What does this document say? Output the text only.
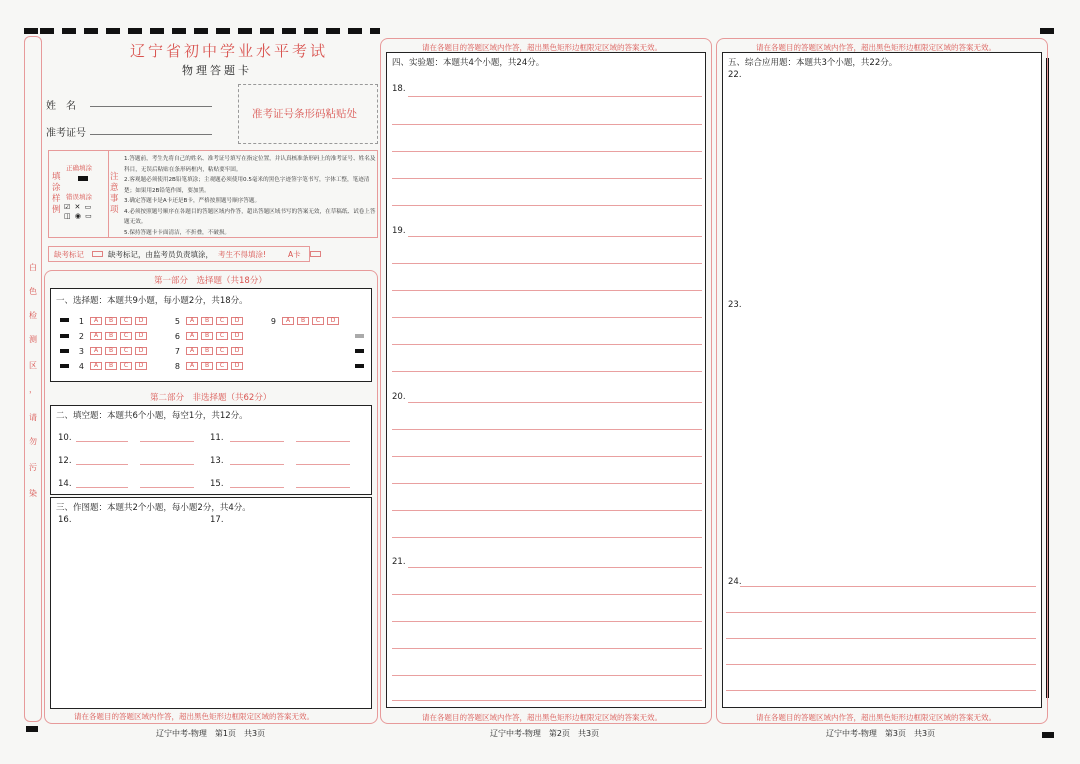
白
色
检
测
区
，
请
勿
污
染
辽宁省初中学业水平考试
物理答题卡
姓　名
准考证号
准考证号条形码粘贴处
填涂样例
正确填涂
错误填涂
☑ ✕ ▭
◫ ◉ ▭
注意事项
1.答题前，考生先将自己的姓名、准考证号填写在指定位置，并认真核准条形码上的准考证号、姓名及科目，无误后粘贴在条形码框内，粘贴要牢固。
2.客观题必须使用2B铅笔填涂；主观题必须使用0.5毫米的黑色字迹签字笔书写，字体工整，笔迹清楚；如果用2B铅笔作图，要加黑。
3.确定答题卡是A卡还是B卡，严格按照题号顺序答题。
4.必须按照题号顺序在各题目的答题区域内作答，超出答题区域书写的答案无效，在草稿纸、试卷上答题无效。
5.保持答题卡卡面清洁，不折叠，不破损。
缺考标记	缺考标记，由监考员负责填涂， 考生不得填涂!	A卡
第一部分　选择题（共18分）
一、选择题：本题共9小题，每小题2分，共18分。
1	A	B	C	D
2	A	B	C	D
3	A	B	C	D
4	A	B	C	D
5	A	B	C	D
6	A	B	C	D
7	A	B	C	D
8	A	B	C	D
9	A	B	C	D
第二部分　非选择题（共62分）
二、填空题：本题共6个小题，每空1分，共12分。
10.	11.
12.	13.
14.	15.
三、作图题：本题共2个小题，每小题2分，共4分。
16.	17.
请在各题目的答题区域内作答，超出黑色矩形边框限定区域的答案无效。
辽宁中考-物理　第1页　共3页
请在各题目的答题区域内作答，超出黑色矩形边框限定区域的答案无效。
四、实验题：本题共4个小题，共24分。
18.
19.
20.
21.
请在各题目的答题区域内作答，超出黑色矩形边框限定区域的答案无效。
辽宁中考-物理　第2页　共3页
请在各题目的答题区域内作答，超出黑色矩形边框限定区域的答案无效。
五、综合应用题：本题共3个小题，共22分。
22.
23.
24.
请在各题目的答题区域内作答，超出黑色矩形边框限定区域的答案无效。
辽宁中考-物理　第3页　共3页
